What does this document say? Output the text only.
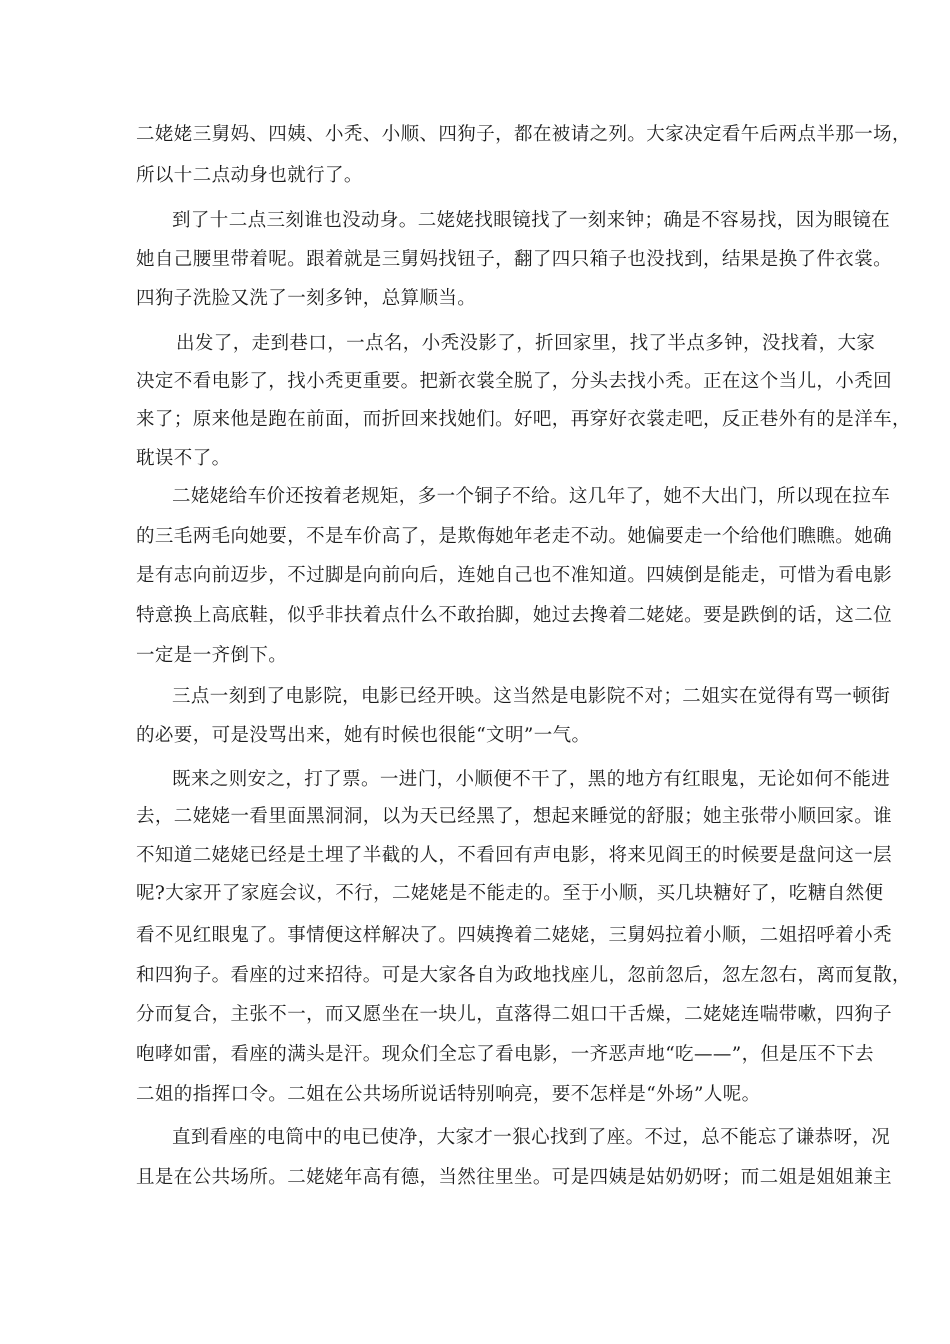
二姥姥三舅妈、四姨、小秃、小顺、四狗子，都在被请之列。大家决定看午后两点半那一场，
所以十二点动身也就行了。
到了十二点三刻谁也没动身。二姥姥找眼镜找了一刻来钟；确是不容易找，因为眼镜在
她自己腰里带着呢。跟着就是三舅妈找钮子，翻了四只箱子也没找到，结果是换了件衣裳。
四狗子洗脸又洗了一刻多钟，总算顺当。
出发了，走到巷口，一点名，小秃没影了，折回家里，找了半点多钟，没找着，大家
决定不看电影了，找小秃更重要。把新衣裳全脱了，分头去找小秃。正在这个当儿，小秃回
来了；原来他是跑在前面，而折回来找她们。好吧，再穿好衣裳走吧，反正巷外有的是洋车，
耽误不了。
二姥姥给车价还按着老规矩，多一个铜子不给。这几年了，她不大出门，所以现在拉车
的三毛两毛向她要，不是车价高了，是欺侮她年老走不动。她偏要走一个给他们瞧瞧。她确
是有志向前迈步，不过脚是向前向后，连她自己也不准知道。四姨倒是能走，可惜为看电影
特意换上高底鞋，似乎非扶着点什么不敢抬脚，她过去搀着二姥姥。要是跌倒的话，这二位
一定是一齐倒下。
三点一刻到了电影院，电影已经开映。这当然是电影院不对；二姐实在觉得有骂一顿街
的必要，可是没骂出来，她有时候也很能“文明”一气。
既来之则安之，打了票。一进门，小顺便不干了，黑的地方有红眼鬼，无论如何不能进
去，二姥姥一看里面黑洞洞，以为天已经黑了，想起来睡觉的舒服；她主张带小顺回家。谁
不知道二姥姥已经是土埋了半截的人，不看回有声电影，将来见阎王的时候要是盘问这一层
呢?大家开了家庭会议，不行，二姥姥是不能走的。至于小顺，买几块糖好了，吃糖自然便
看不见红眼鬼了。事情便这样解决了。四姨搀着二姥姥，三舅妈拉着小顺，二姐招呼着小秃
和四狗子。看座的过来招待。可是大家各自为政地找座儿，忽前忽后，忽左忽右，离而复散，
分而复合，主张不一，而又愿坐在一块儿，直落得二姐口干舌燥，二姥姥连喘带嗽，四狗子
咆哮如雷，看座的满头是汗。现众们全忘了看电影，一齐恶声地“吃——”，但是压不下去
二姐的指挥口令。二姐在公共场所说话特别响亮，要不怎样是“外场”人呢。
直到看座的电筒中的电已使净，大家才一狠心找到了座。不过，总不能忘了谦恭呀，况
且是在公共场所。二姥姥年高有德，当然往里坐。可是四姨是姑奶奶呀；而二姐是姐姐兼主
